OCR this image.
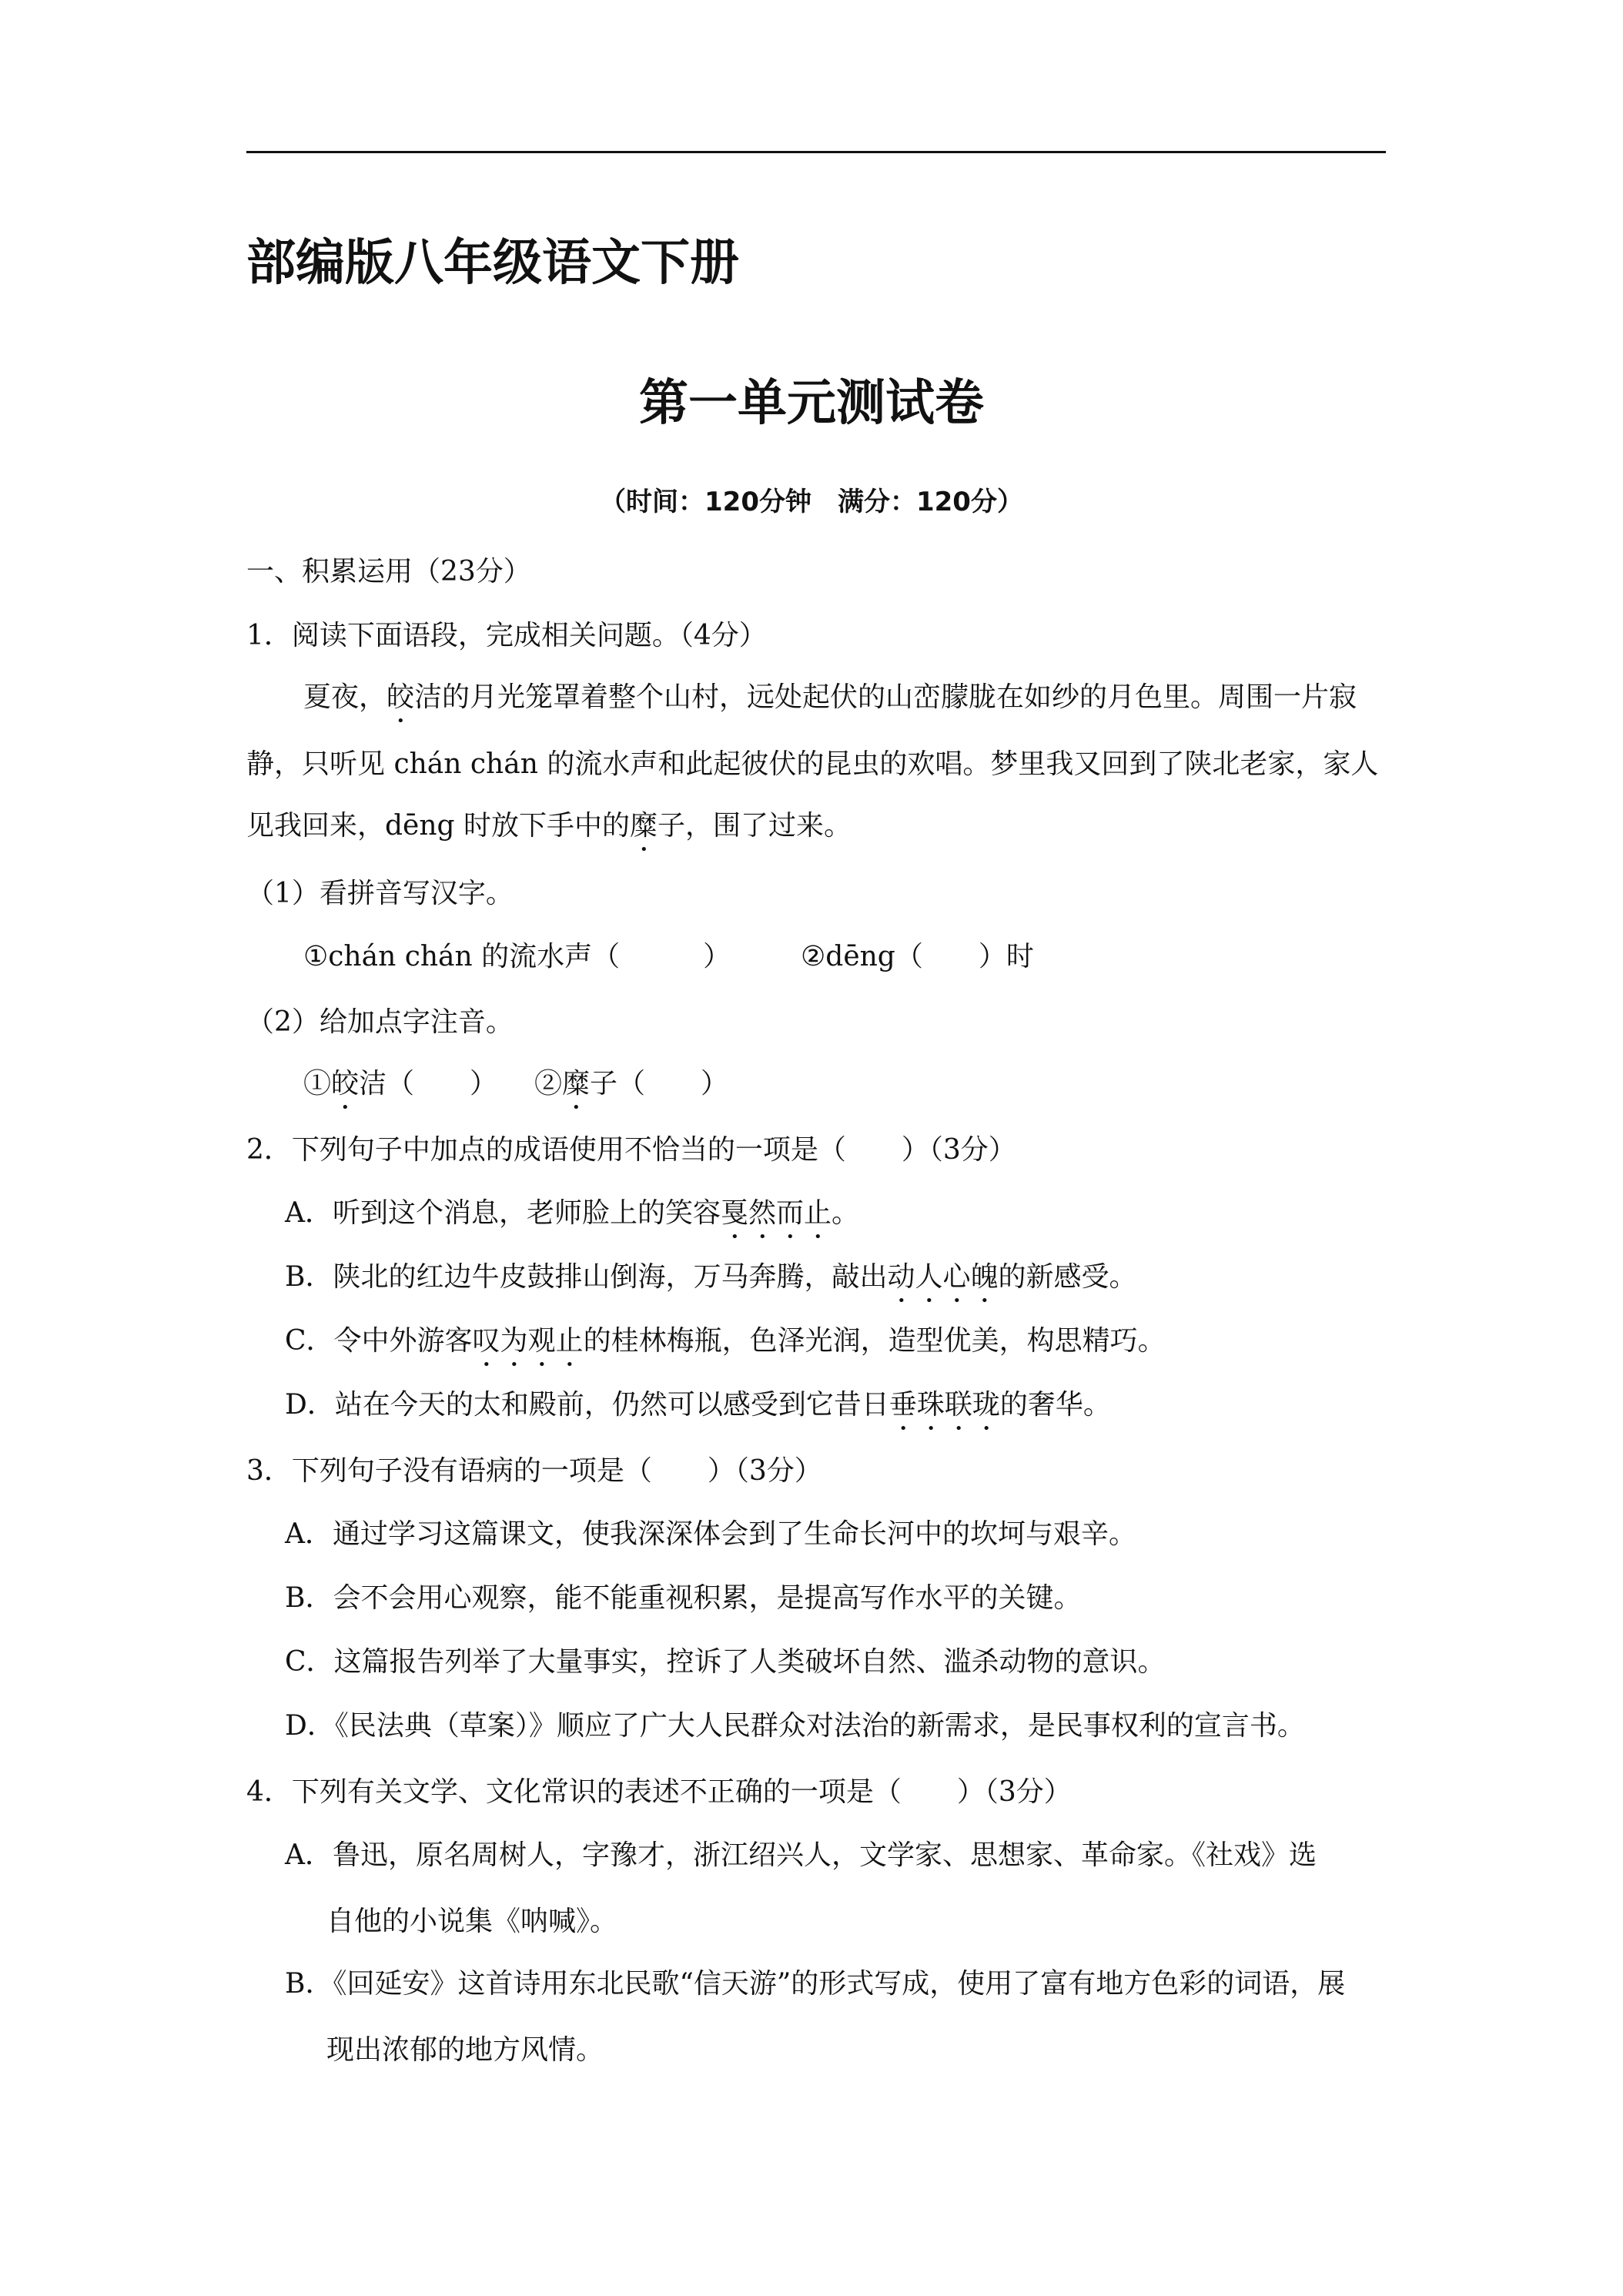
部编版八年级语文下册
第一单元测试卷
（时间：120分钟　满分：120分）
一、积累运用（23分）
1．阅读下面语段，完成相关问题。（4分）
夏夜，皎洁的月光笼罩着整个山村，远处起伏的山峦朦胧在如纱的月色里。周围一片寂
静，只听见 chán chán 的流水声和此起彼伏的昆虫的欢唱。梦里我又回到了陕北老家，家人
见我回来，dēng 时放下手中的糜子，围了过来。
（1）看拼音写汉字。
①chán chán 的流水声（　　　）	②dēng（　　）时
（2）给加点字注音。
①皎洁（　　） ②糜子（　　）
2．下列句子中加点的成语使用不恰当的一项是（　　）（3分）
A．听到这个消息，老师脸上的笑容戛然而止。
B．陕北的红边牛皮鼓排山倒海，万马奔腾，敲出动人心魄的新感受。
C．令中外游客叹为观止的桂林梅瓶，色泽光润，造型优美，构思精巧。
D．站在今天的太和殿前，仍然可以感受到它昔日垂珠联珑的奢华。
3．下列句子没有语病的一项是（　　）（3分）
A．通过学习这篇课文，使我深深体会到了生命长河中的坎坷与艰辛。
B．会不会用心观察，能不能重视积累，是提高写作水平的关键。
C．这篇报告列举了大量事实，控诉了人类破坏自然、滥杀动物的意识。
D．《民法典（草案）》顺应了广大人民群众对法治的新需求，是民事权利的宣言书。
4．下列有关文学、文化常识的表述不正确的一项是（　　）（3分）
A．鲁迅，原名周树人，字豫才，浙江绍兴人，文学家、思想家、革命家。《社戏》选
自他的小说集《呐喊》。
B．《回延安》这首诗用东北民歌“信天游”的形式写成，使用了富有地方色彩的词语，展
现出浓郁的地方风情。
